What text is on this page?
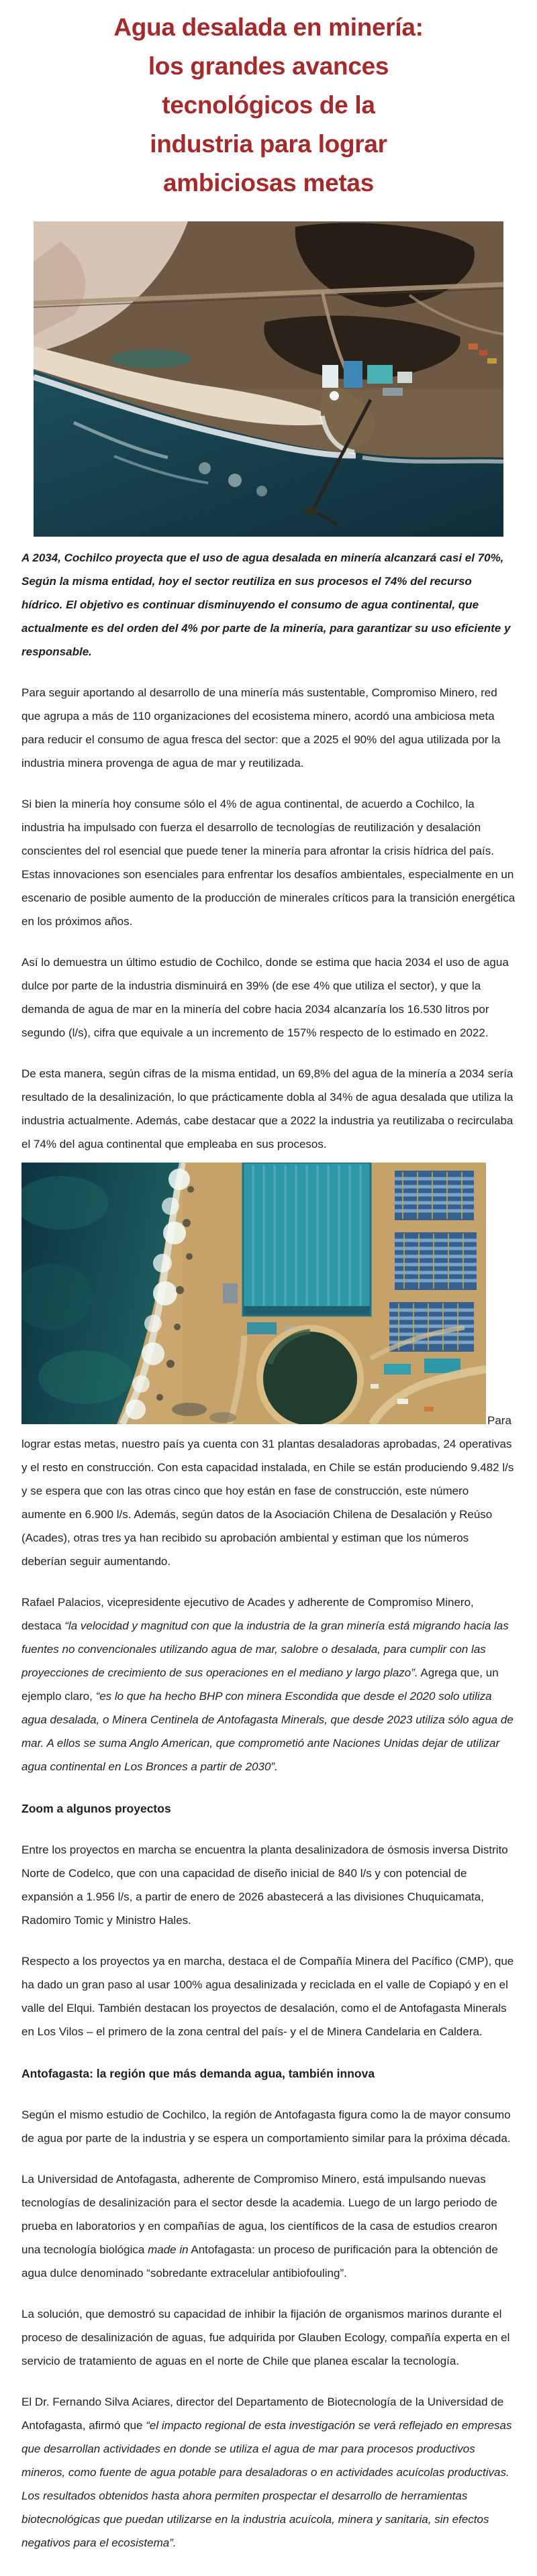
Agua desalada en minería:
los grandes avances
tecnológicos de la
industria para lograr
ambiciosas metas

A 2034, Cochilco proyecta que el uso de agua desalada en minería alcanzará casi el 70%, Según la misma entidad, hoy el sector reutiliza en sus procesos el 74% del recurso hídrico. El objetivo es continuar disminuyendo el consumo de agua continental, que actualmente es del orden del 4% por parte de la minería, para garantizar su uso eficiente y responsable.

Para seguir aportando al desarrollo de una minería más sustentable, Compromiso Minero, red que agrupa a más de 110 organizaciones del ecosistema minero, acordó una ambiciosa meta para reducir el consumo de agua fresca del sector: que a 2025 el 90% del agua utilizada por la industria minera provenga de agua de mar y reutilizada.

Si bien la minería hoy consume sólo el 4% de agua continental, de acuerdo a Cochilco, la industria ha impulsado con fuerza el desarrollo de tecnologías de reutilización y desalación conscientes del rol esencial que puede tener la minería para afrontar la crisis hídrica del país. Estas innovaciones son esenciales para enfrentar los desafíos ambientales, especialmente en un escenario de posible aumento de la producción de minerales críticos para la transición energética en los próximos años.

Así lo demuestra un último estudio de Cochilco, donde se estima que hacia 2034 el uso de agua dulce por parte de la industria disminuirá en 39% (de ese 4% que utiliza el sector), y que la demanda de agua de mar en la minería del cobre hacia 2034 alcanzaría los 16.530 litros por segundo (l/s), cifra que equivale a un incremento de 157% respecto de lo estimado en 2022.

De esta manera, según cifras de la misma entidad, un 69,8% del agua de la minería a 2034 sería resultado de la desalinización, lo que prácticamente dobla al 34% de agua desalada que utiliza la industria actualmente. Además, cabe destacar que a 2022 la industria ya reutilizaba o recirculaba el 74% del agua continental que empleaba en sus procesos.

Para lograr estas metas, nuestro país ya cuenta con 31 plantas desaladoras aprobadas, 24 operativas y el resto en construcción. Con esta capacidad instalada, en Chile se están produciendo 9.482 l/s y se espera que con las otras cinco que hoy están en fase de construcción, este número aumente en 6.900 l/s. Además, según datos de la Asociación Chilena de Desalación y Reúso (Acades), otras tres ya han recibido su aprobación ambiental y estiman que los números deberían seguir aumentando.

Rafael Palacios, vicepresidente ejecutivo de Acades y adherente de Compromiso Minero, destaca “la velocidad y magnitud con que la industria de la gran minería está migrando hacia las fuentes no convencionales utilizando agua de mar, salobre o desalada, para cumplir con las proyecciones de crecimiento de sus operaciones en el mediano y largo plazo”. Agrega que, un ejemplo claro, “es lo que ha hecho BHP con minera Escondida que desde el 2020 solo utiliza agua desalada, o Minera Centinela de Antofagasta Minerals, que desde 2023 utiliza sólo agua de mar. A ellos se suma Anglo American, que comprometió ante Naciones Unidas dejar de utilizar agua continental en Los Bronces a partir de 2030”.

Zoom a algunos proyectos

Entre los proyectos en marcha se encuentra la planta desalinizadora de ósmosis inversa Distrito Norte de Codelco, que con una capacidad de diseño inicial de 840 l/s y con potencial de expansión a 1.956 l/s, a partir de enero de 2026 abastecerá a las divisiones Chuquicamata, Radomiro Tomic y Ministro Hales.

Respecto a los proyectos ya en marcha, destaca el de Compañía Minera del Pacífico (CMP), que ha dado un gran paso al usar 100% agua desalinizada y reciclada en el valle de Copiapó y en el valle del Elqui. También destacan los proyectos de desalación, como el de Antofagasta Minerals en Los Vilos – el primero de la zona central del país- y el de Minera Candelaria en Caldera.

Antofagasta: la región que más demanda agua, también innova

Según el mismo estudio de Cochilco, la región de Antofagasta figura como la de mayor consumo de agua por parte de la industria y se espera un comportamiento similar para la próxima década.

La Universidad de Antofagasta, adherente de Compromiso Minero, está impulsando nuevas tecnologías de desalinización para el sector desde la academia. Luego de un largo periodo de prueba en laboratorios y en compañías de agua, los científicos de la casa de estudios crearon una tecnología biológica made in Antofagasta: un proceso de purificación para la obtención de agua dulce denominado “sobredante extracelular antibiofouling”.

La solución, que demostró su capacidad de inhibir la fijación de organismos marinos durante el proceso de desalinización de aguas, fue adquirida por Glauben Ecology, compañía experta en el servicio de tratamiento de aguas en el norte de Chile que planea escalar la tecnología.

El Dr. Fernando Silva Aciares, director del Departamento de Biotecnología de la Universidad de Antofagasta, afirmó que “el impacto regional de esta investigación se verá reflejado en empresas que desarrollan actividades en donde se utiliza el agua de mar para procesos productivos mineros, como fuente de agua potable para desaladoras o en actividades acuícolas productivas. Los resultados obtenidos hasta ahora permiten prospectar el desarrollo de herramientas biotecnológicas que puedan utilizarse en la industria acuícola, minera y sanitaria, sin efectos negativos para el ecosistema”.
